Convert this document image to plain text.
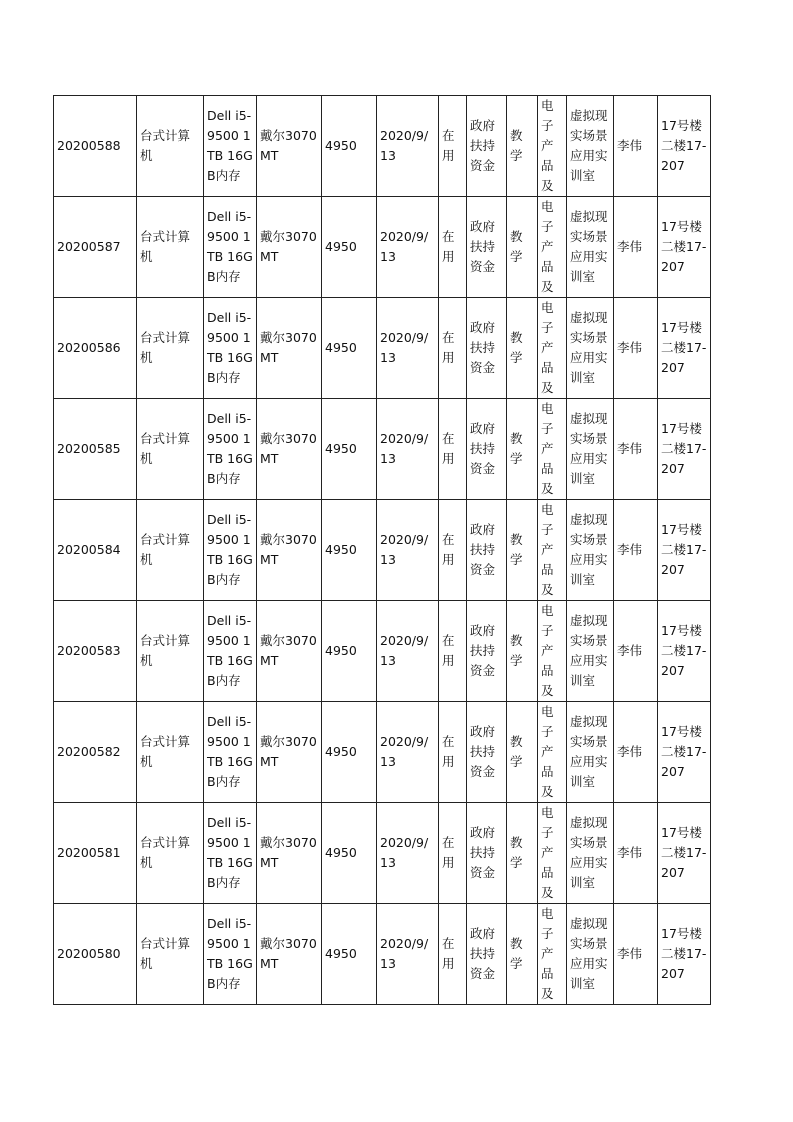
20200588	台式计算机	Dell i5-9500 1TB 16GB内存	戴尔3070MT	4950	2020/9/13	在用	政府扶持资金	教学	电子产品及	虚拟现实场景应用实训室	李伟	17号楼二楼17-207
20200587	台式计算机	Dell i5-9500 1TB 16GB内存	戴尔3070MT	4950	2020/9/13	在用	政府扶持资金	教学	电子产品及	虚拟现实场景应用实训室	李伟	17号楼二楼17-207
20200586	台式计算机	Dell i5-9500 1TB 16GB内存	戴尔3070MT	4950	2020/9/13	在用	政府扶持资金	教学	电子产品及	虚拟现实场景应用实训室	李伟	17号楼二楼17-207
20200585	台式计算机	Dell i5-9500 1TB 16GB内存	戴尔3070MT	4950	2020/9/13	在用	政府扶持资金	教学	电子产品及	虚拟现实场景应用实训室	李伟	17号楼二楼17-207
20200584	台式计算机	Dell i5-9500 1TB 16GB内存	戴尔3070MT	4950	2020/9/13	在用	政府扶持资金	教学	电子产品及	虚拟现实场景应用实训室	李伟	17号楼二楼17-207
20200583	台式计算机	Dell i5-9500 1TB 16GB内存	戴尔3070MT	4950	2020/9/13	在用	政府扶持资金	教学	电子产品及	虚拟现实场景应用实训室	李伟	17号楼二楼17-207
20200582	台式计算机	Dell i5-9500 1TB 16GB内存	戴尔3070MT	4950	2020/9/13	在用	政府扶持资金	教学	电子产品及	虚拟现实场景应用实训室	李伟	17号楼二楼17-207
20200581	台式计算机	Dell i5-9500 1TB 16GB内存	戴尔3070MT	4950	2020/9/13	在用	政府扶持资金	教学	电子产品及	虚拟现实场景应用实训室	李伟	17号楼二楼17-207
20200580	台式计算机	Dell i5-9500 1TB 16GB内存	戴尔3070MT	4950	2020/9/13	在用	政府扶持资金	教学	电子产品及	虚拟现实场景应用实训室	李伟	17号楼二楼17-207
